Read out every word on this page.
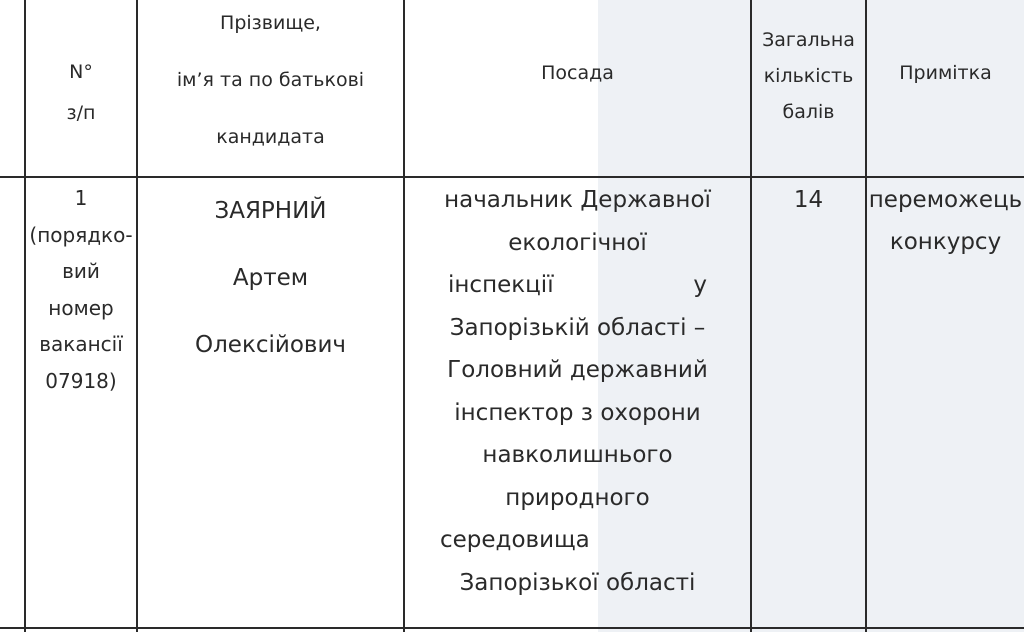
N°
з/п
Прізвище,
ім’я та по батькові
кандидата
Посада
Загальна
кількість
балів
Примітка
1
(порядко-
вий
номер
вакансії
07918)
ЗАЯРНИЙ
Артем
Олексійович
начальник Державної
екологічної
інспекції	у
Запорізькій області –
Головний державний
інспектор з охорони
навколишнього
природного
середовища
Запорізької області
14	переможець
конкурсу
